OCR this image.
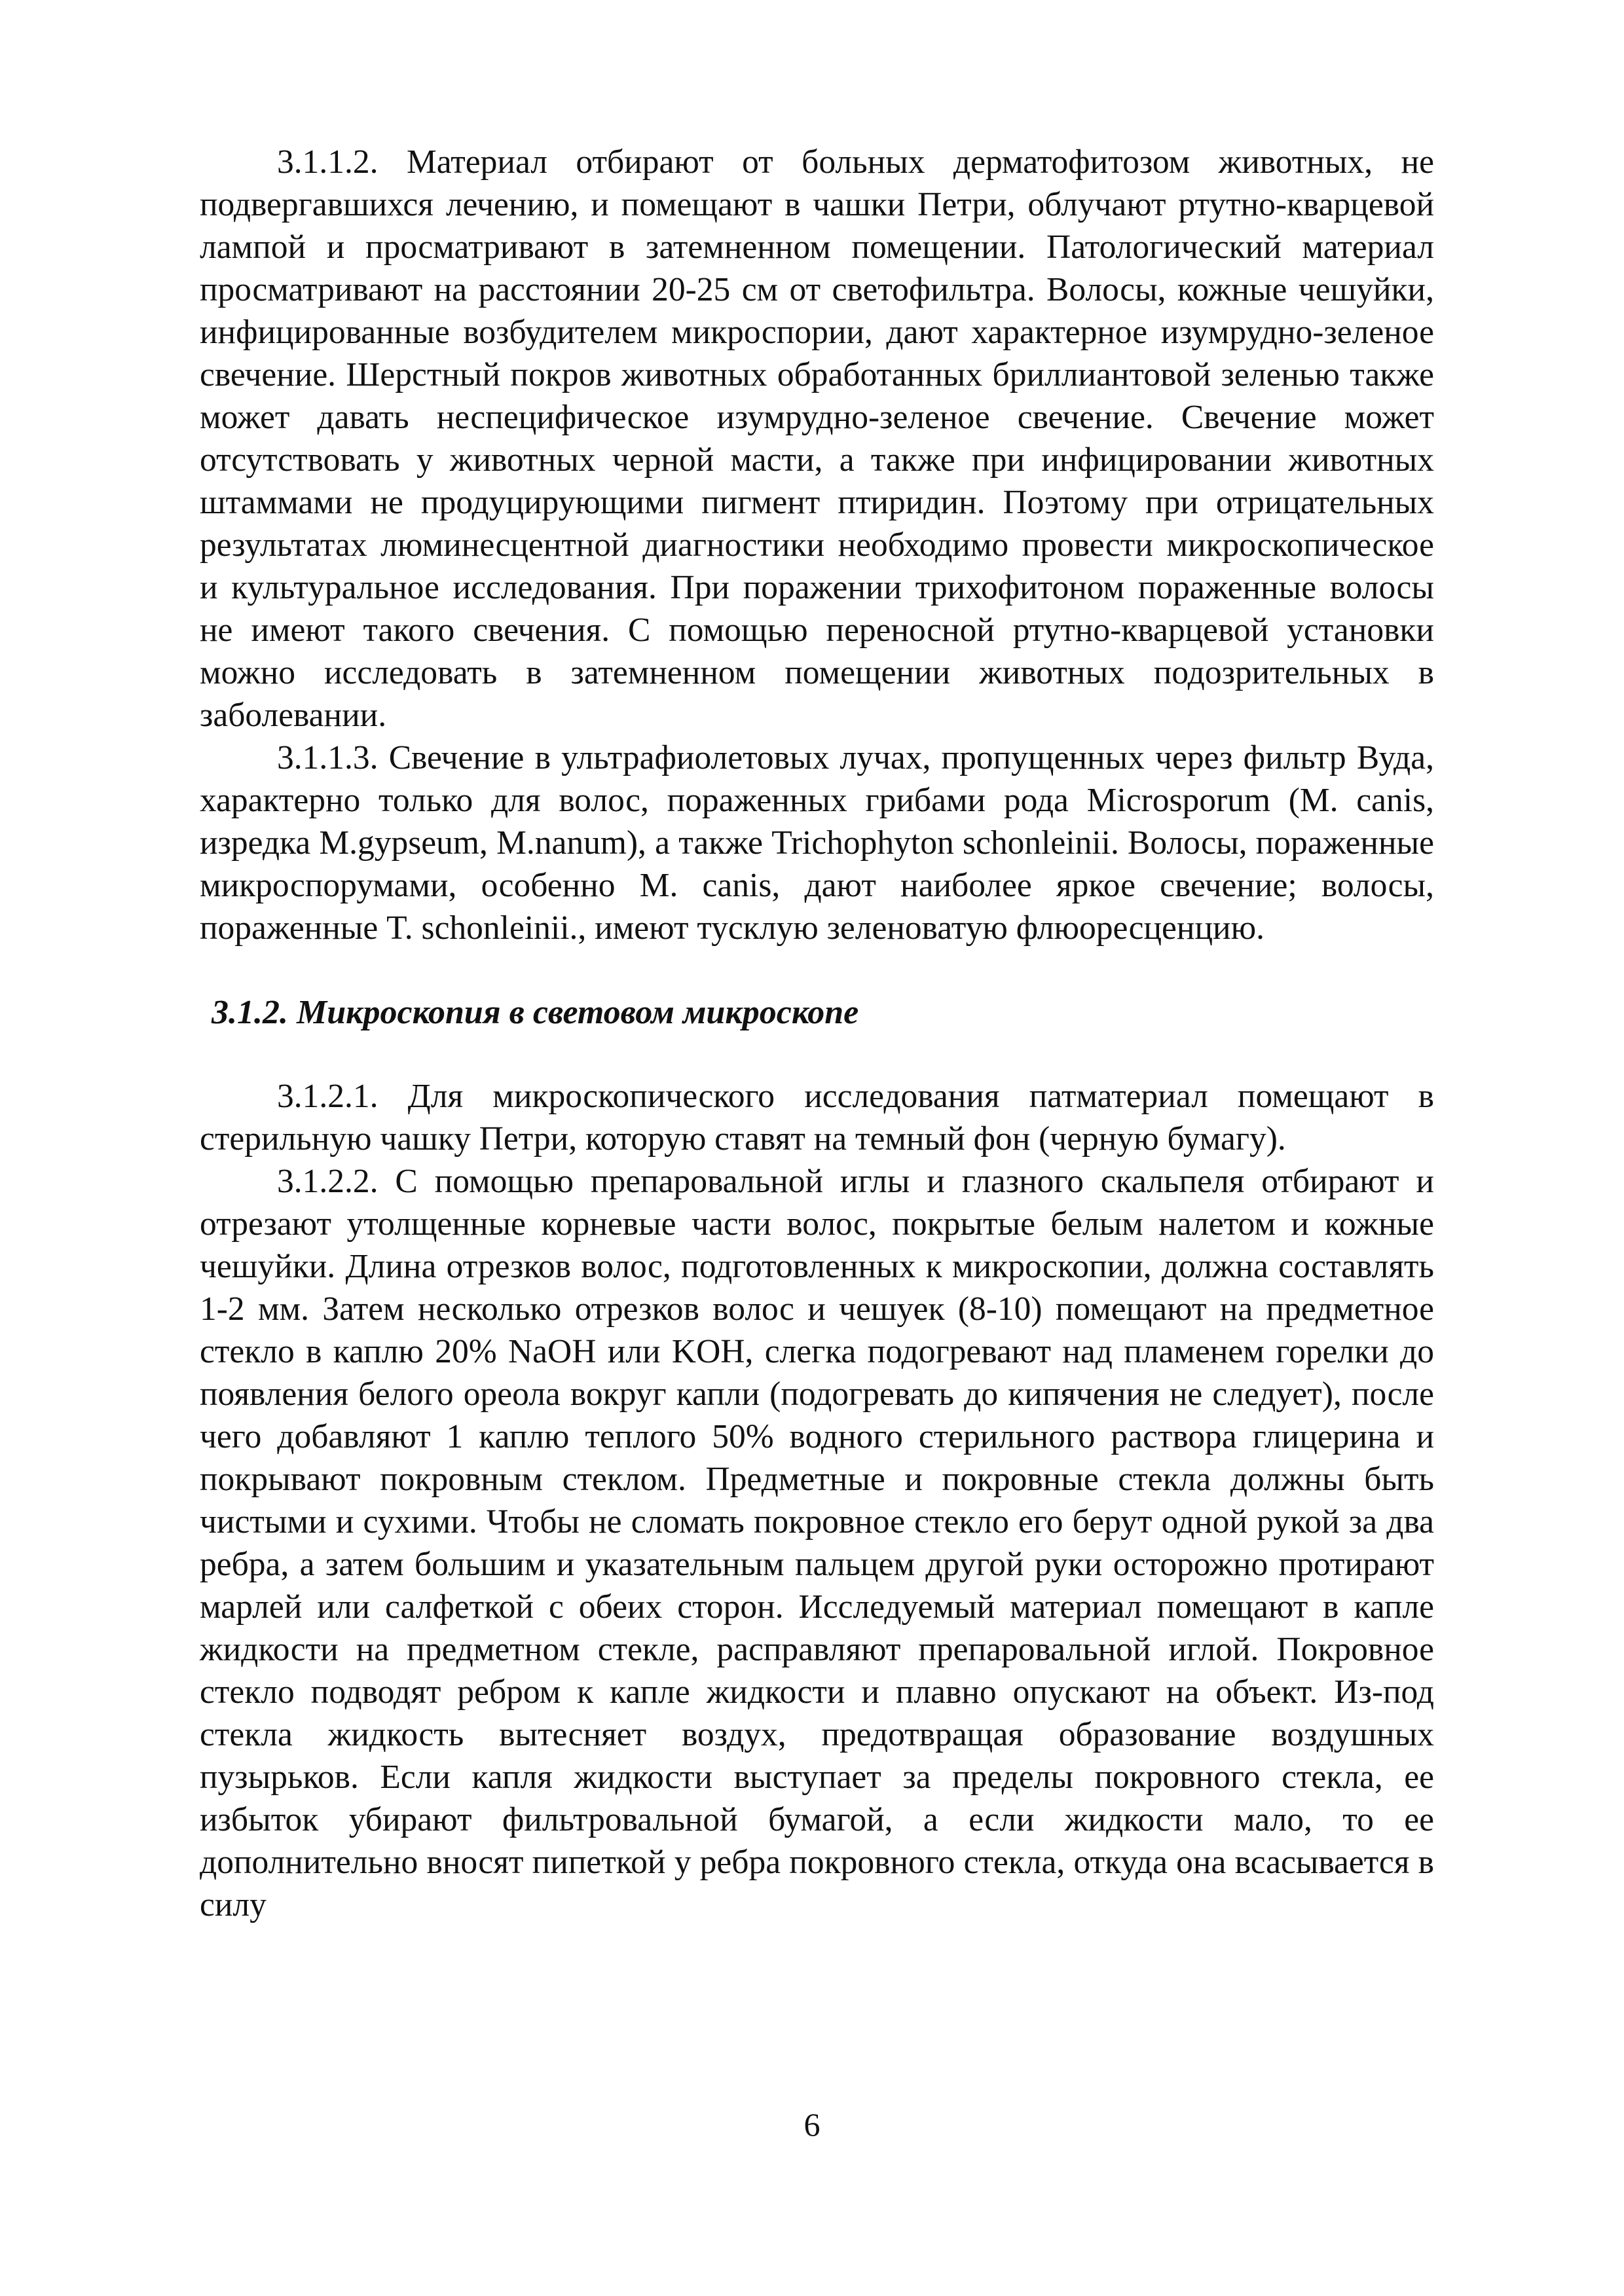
3.1.1.2. Материал отбирают от больных дерматофитозом животных, не подвергавшихся лечению, и помещают в чашки Петри, облучают ртутно-кварцевой лампой и просматривают в затемненном помещении. Патологический материал просматривают на расстоянии 20-25 см от светофильтра. Волосы, кожные чешуйки, инфицированные возбудителем микроспории, дают характерное изумрудно-зеленое свечение. Шерстный покров животных обработанных бриллиантовой зеленью также может давать неспецифическое изумрудно-зеленое свечение. Свечение может отсутствовать у животных черной масти, а также при инфицировании животных штаммами не продуцирующими пигмент птиридин. Поэтому при отрицательных результатах люминесцентной диагностики необходимо провести микроскопическое и культуральное исследования. При поражении трихофитоном пораженные волосы не имеют такого свечения. С помощью переносной ртутно-кварцевой установки можно исследовать в затемненном помещении животных подозрительных в заболевании.

3.1.1.3. Свечение в ультрафиолетовых лучах, пропущенных через фильтр Вуда, характерно только для волос, пораженных грибами рода Microsporum (M. canis, изредка M.gypseum, M.nanum), а также Trichophyton schonleinii. Волосы, пораженные микроспорумами, особенно M. canis, дают наиболее яркое свечение; волосы, пораженные T. schonleinii., имеют тусклую зеленоватую флюоресценцию.

3.1.2. Микроскопия в световом микроскопе

3.1.2.1. Для микроскопического исследования патматериал помещают в стерильную чашку Петри, которую ставят на темный фон (черную бумагу).

3.1.2.2. С помощью препаровальной иглы и глазного скальпеля отбирают и отрезают утолщенные корневые части волос, покрытые белым налетом и кожные чешуйки. Длина отрезков волос, подготовленных к микроскопии, должна составлять 1-2 мм. Затем несколько отрезков волос и чешуек (8-10) помещают на предметное стекло в каплю 20% NaOH или KOH, слегка подогревают над пламенем горелки до появления белого ореола вокруг капли (подогревать до кипячения не следует), после чего добавляют 1 каплю теплого 50% водного стерильного раствора глицерина и покрывают покровным стеклом. Предметные и покровные стекла должны быть чистыми и сухими. Чтобы не сломать покровное стекло его берут одной рукой за два ребра, а затем большим и указательным пальцем другой руки осторожно протирают марлей или салфеткой с обеих сторон. Исследуемый материал помещают в капле жидкости на предметном стекле, расправляют препаровальной иглой. Покровное стекло подводят ребром к капле жидкости и плавно опускают на объект. Из-под стекла жидкость вытесняет воздух, предотвращая образование воздушных пузырьков. Если капля жидкости выступает за пределы покровного стекла, ее избыток убирают фильтровальной бумагой, а если жидкости мало, то ее дополнительно вносят пипеткой у ребра покровного стекла, откуда она всасывается в силу

6
